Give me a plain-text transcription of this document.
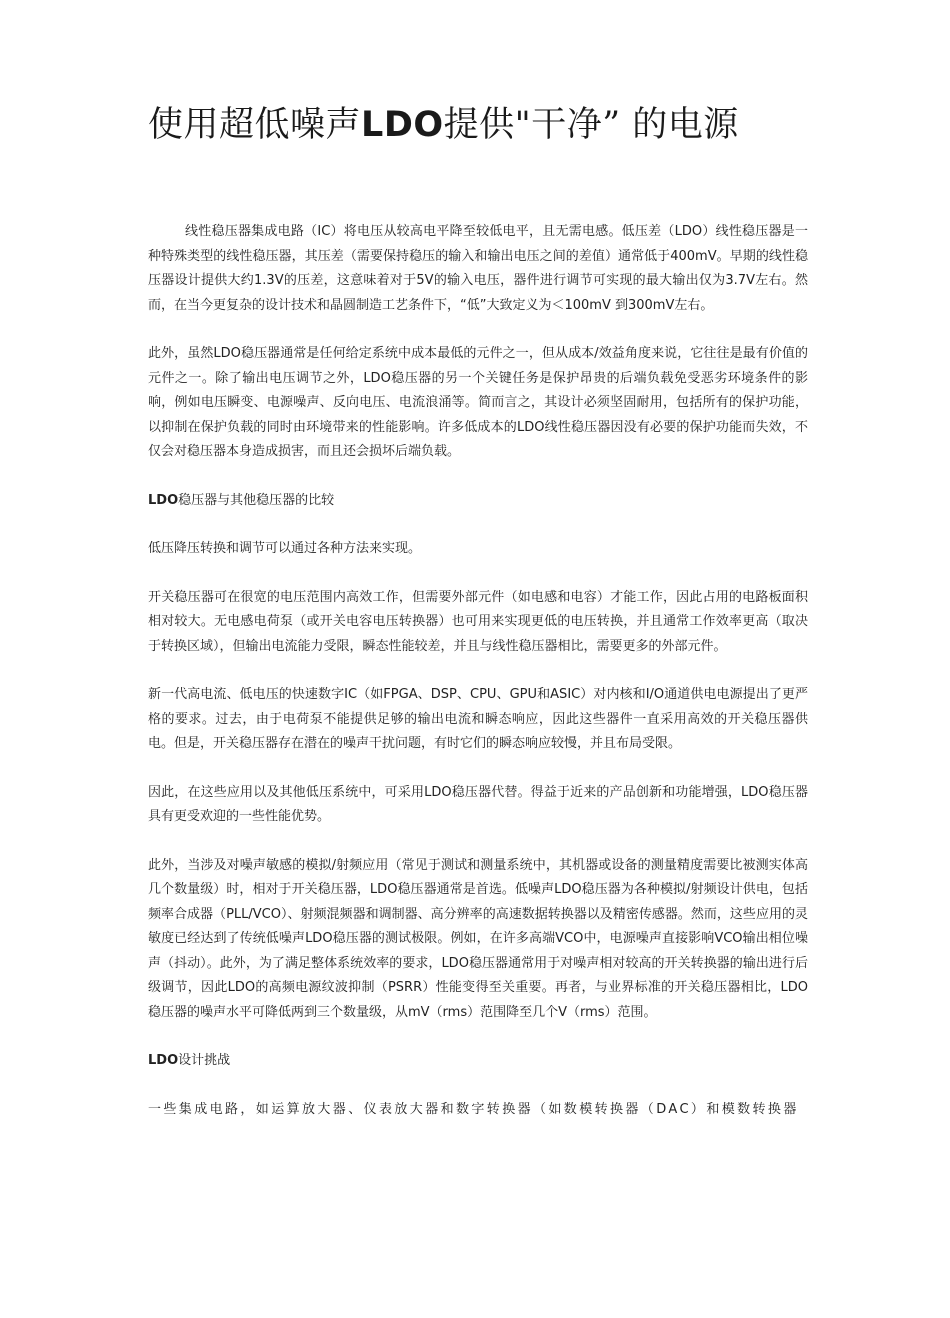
使用超低噪声LDO提供"干净” 的电源

线性稳压器集成电路（IC）将电压从较高电平降至较低电平，且无需电感。低压差（LDO）线性稳压器是一种特殊类型的线性稳压器，其压差（需要保持稳压的输入和输出电压之间的差值）通常低于400mV。早期的线性稳压器设计提供大约1.3V的压差，这意味着对于5V的输入电压，器件进行调节可实现的最大输出仅为3.7V左右。然而，在当今更复杂的设计技术和晶圆制造工艺条件下，“低”大致定义为＜100mV 到300mV左右。

此外，虽然LDO稳压器通常是任何给定系统中成本最低的元件之一，但从成本/效益角度来说，它往往是最有价值的元件之一。除了输出电压调节之外，LDO稳压器的另一个关键任务是保护昂贵的后端负载免受恶劣环境条件的影响，例如电压瞬变、电源噪声、反向电压、电流浪涌等。简而言之，其设计必须坚固耐用，包括所有的保护功能，以抑制在保护负载的同时由环境带来的性能影响。许多低成本的LDO线性稳压器因没有必要的保护功能而失效，不仅会对稳压器本身造成损害，而且还会损坏后端负载。

LDO稳压器与其他稳压器的比较

低压降压转换和调节可以通过各种方法来实现。

开关稳压器可在很宽的电压范围内高效工作，但需要外部元件（如电感和电容）才能工作，因此占用的电路板面积相对较大。无电感电荷泵（或开关电容电压转换器）也可用来实现更低的电压转换，并且通常工作效率更高（取决于转换区域），但输出电流能力受限，瞬态性能较差，并且与线性稳压器相比，需要更多的外部元件。

新一代高电流、低电压的快速数字IC（如FPGA、DSP、CPU、GPU和ASIC）对内核和I/O通道供电电源提出了更严格的要求。过去，由于电荷泵不能提供足够的输出电流和瞬态响应，因此这些器件一直采用高效的开关稳压器供电。但是，开关稳压器存在潜在的噪声干扰问题，有时它们的瞬态响应较慢，并且布局受限。

因此，在这些应用以及其他低压系统中，可采用LDO稳压器代替。得益于近来的产品创新和功能增强，LDO稳压器具有更受欢迎的一些性能优势。

此外，当涉及对噪声敏感的模拟/射频应用（常见于测试和测量系统中，其机器或设备的测量精度需要比被测实体高几个数量级）时，相对于开关稳压器，LDO稳压器通常是首选。低噪声LDO稳压器为各种模拟/射频设计供电，包括频率合成器（PLL/VCO）、射频混频器和调制器、高分辨率的高速数据转换器以及精密传感器。然而，这些应用的灵敏度已经达到了传统低噪声LDO稳压器的测试极限。例如，在许多高端VCO中，电源噪声直接影响VCO输出相位噪声（抖动）。此外，为了满足整体系统效率的要求，LDO稳压器通常用于对噪声相对较高的开关转换器的输出进行后级调节，因此LDO的高频电源纹波抑制（PSRR）性能变得至关重要。再者，与业界标准的开关稳压器相比，LDO稳压器的噪声水平可降低两到三个数量级，从mV（rms）范围降至几个V（rms）范围。

LDO设计挑战

一些集成电路，如运算放大器、仪表放大器和数字转换器（如数模转换器（DAC）和模数转换器
